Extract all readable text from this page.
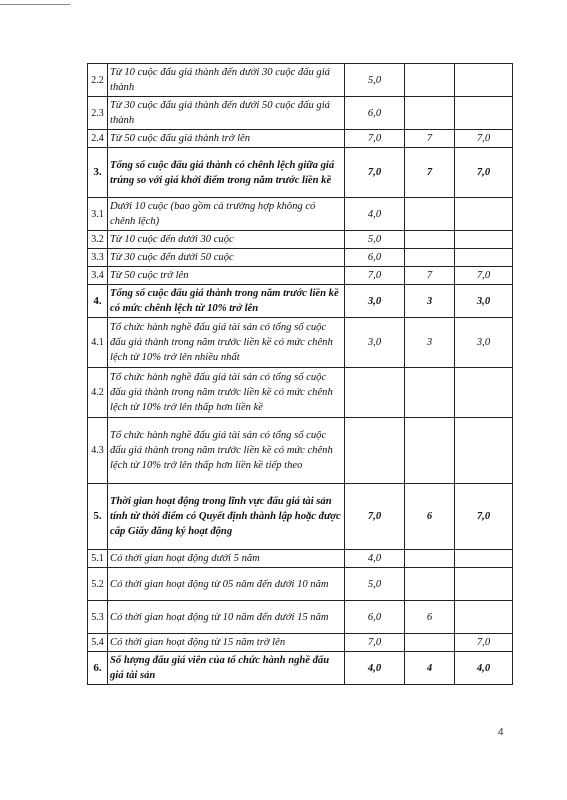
2.2	Từ 10 cuộc đấu giá thành đến dưới 30 cuộc đấu giá thành	5,0		
2.3	Từ 30 cuộc đấu giá thành đến dưới 50 cuộc đấu giá thành	6,0		
2.4	Từ 50 cuộc đấu giá thành trở lên	7,0	7	7,0
3.	Tổng số cuộc đấu giá thành có chênh lệch giữa giá trúng so với giá khởi điểm trong năm trước liền kề	7,0	7	7,0
3.1	Dưới 10 cuộc (bao gồm cả trường hợp không có chênh lệch)	4,0		
3.2	Từ 10 cuộc đến dưới 30 cuộc	5,0		
3.3	Từ 30 cuộc đến dưới 50 cuộc	6,0		
3.4	Từ 50 cuộc trở lên	7,0	7	7,0
4.	Tổng số cuộc đấu giá thành trong năm trước liền kề có mức chênh lệch từ 10% trở lên	3,0	3	3,0
4.1	Tổ chức hành nghề đấu giá tài sản có tổng số cuộc đấu giá thành trong năm trước liền kề có mức chênh lệch từ 10% trở lên nhiều nhất	3,0	3	3,0
4.2	Tổ chức hành nghề đấu giá tài sản có tổng số cuộc đấu giá thành trong năm trước liền kề có mức chênh lệch từ 10% trở lên thấp hơn liền kề			
4.3	Tổ chức hành nghề đấu giá tài sản có tổng số cuộc đấu giá thành trong năm trước liền kề có mức chênh lệch từ 10% trở lên thấp hơn liền kề tiếp theo			
5.	Thời gian hoạt động trong lĩnh vực đấu giá tài sản tính từ thời điểm có Quyết định thành lập hoặc được cấp Giấy đăng ký hoạt động	7,0	6	7,0
5.1	Có thời gian hoạt động dưới 5 năm	4,0		
5.2	Có thời gian hoạt động từ 05 năm đến dưới 10 năm	5,0		
5.3	Có thời gian hoạt động từ 10 năm đến dưới 15 năm	6,0	6	
5.4	Có thời gian hoạt động từ 15 năm trở lên	7,0		7,0
6.	Số lượng đấu giá viên của tổ chức hành nghề đấu giá tài sản	4,0	4	4,0
4
